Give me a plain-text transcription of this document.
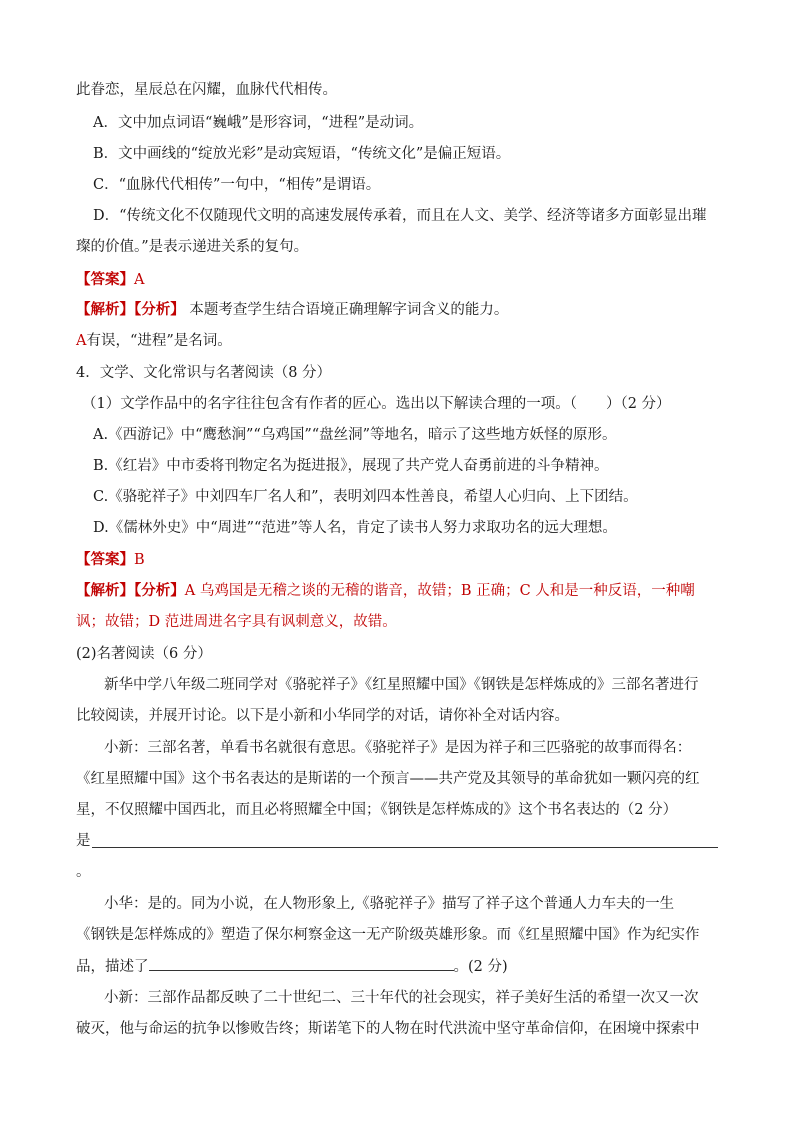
此眷恋，星辰总在闪耀，血脉代代相传。
A．文中加点词语“巍峨”是形容词，“进程”是动词。
B．文中画线的“绽放光彩”是动宾短语，“传统文化”是偏正短语。
C．“血脉代代相传”一句中，“相传”是谓语。
D．“传统文化不仅随现代文明的高速发展传承着，而且在人文、美学、经济等诸多方面彰显出璀
璨的价值。”是表示递进关系的复句。
【答案】A
【解析】【分析】 本题考查学生结合语境正确理解字词含义的能力。
A有误，“进程”是名词。
4．文学、文化常识与名著阅读（8 分）
（1）文学作品中的名字往往包含有作者的匠心。选出以下解读合理的一项。（　　）（2 分）
A.《西游记》中“鹰愁涧”“乌鸡国”“盘丝洞”等地名，暗示了这些地方妖怪的原形。
B.《红岩》中市委将刊物定名为挺进报》，展现了共产党人奋勇前进的斗争精神。
C.《骆驼祥子》中刘四车厂名人和”，表明刘四本性善良，希望人心归向、上下团结。
D.《儒林外史》中“周进”“范进”等人名，肯定了读书人努力求取功名的远大理想。
【答案】B
【解析】【分析】A 乌鸡国是无稽之谈的无稽的谐音，故错；B 正确；C 人和是一种反语，一种嘲
讽；故错；D 范进周进名字具有讽刺意义，故错。
(2)名著阅读（6 分）
新华中学八年级二班同学对《骆驼祥子》《红星照耀中国》《钢铁是怎样炼成的》三部名著进行
比较阅读，并展开讨论。以下是小新和小华同学的对话，请你补全对话内容。
小新：三部名著，单看书名就很有意思。《骆驼祥子》是因为祥子和三匹骆驼的故事而得名：
《红星照耀中国》这个书名表达的是斯诺的一个预言——共产党及其领导的革命犹如一颗闪亮的红
星，不仅照耀中国西北，而且必将照耀全中国；《钢铁是怎样炼成的》这个书名表达的（2 分）
是
。
小华：是的。同为小说，在人物形象上,《骆驼祥子》描写了祥子这个普通人力车夫的一生
《钢铁是怎样炼成的》塑造了保尔柯察金这一无产阶级英雄形象。而《红星照耀中国》作为纪实作
品，描述了	。(2 分)
小新：三部作品都反映了二十世纪二、三十年代的社会现实，祥子美好生活的希望一次又一次
破灭，他与命运的抗争以惨败告终；斯诺笔下的人物在时代洪流中坚守革命信仰，在困境中探索中
